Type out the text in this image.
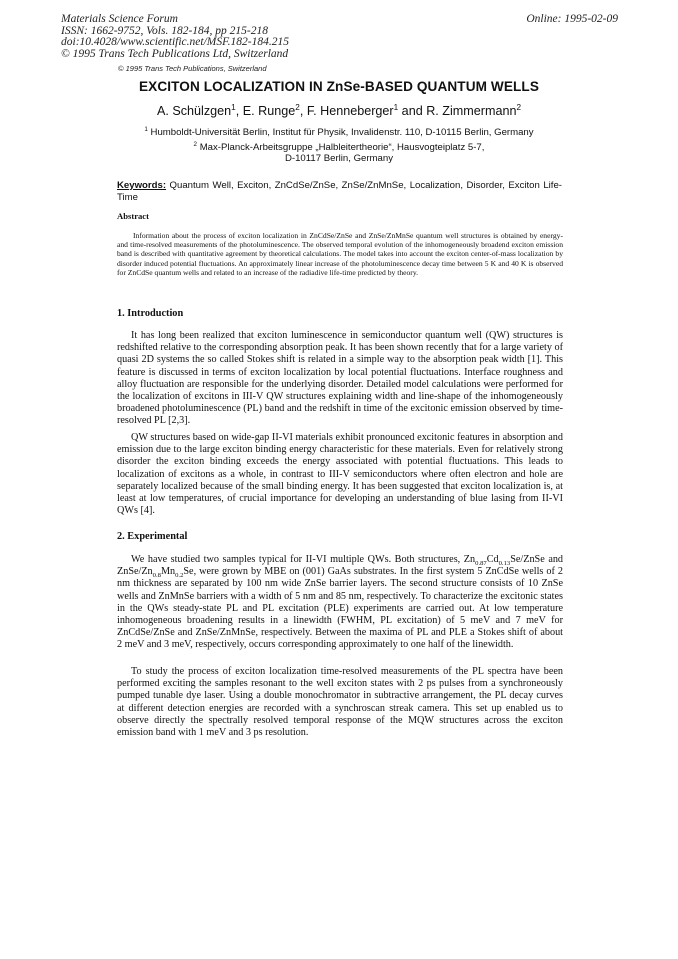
Materials Science Forum
ISSN: 1662-9752, Vols. 182-184, pp 215-218
doi:10.4028/www.scientific.net/MSF.182-184.215
© 1995 Trans Tech Publications Ltd, Switzerland
Online: 1995-02-09
© 1995 Trans Tech Publications, Switzerland
EXCITON LOCALIZATION IN ZnSe-BASED QUANTUM WELLS
A. Schülzgen$^1$, E. Runge$^2$, F. Henneberger$^1$ and R. Zimmermann$^2$
$^1$ Humboldt-Universität Berlin, Institut für Physik, Invalidenstr. 110, D-10115 Berlin, Germany
$^2$ Max-Planck-Arbeitsgruppe „Halbleitertheorie“, Hausvogteiplatz 5-7,
D-10117 Berlin, Germany
Keywords: Quantum Well, Exciton, ZnCdSe/ZnSe, ZnSe/ZnMnSe, Localization, Disorder, Exciton Life-Time
Abstract

Information about the process of exciton localization in ZnCdSe/ZnSe and ZnSe/ZnMnSe quantum well structures is obtained by energy- and time-resolved measurements of the photoluminescence. The observed temporal evolution of the inhomogeneously broadend exciton emission band is described with quantitative agreement by theoretical calculations. The model takes into account the exciton center-of-mass localization by disorder induced potential fluctuations. An approximately linear increase of the photoluminescence decay time between 5 K and 40 K is observed for ZnCdSe quantum wells and related to an increase of the radiadive life-time predicted by theory.

1. Introduction

It has long been realized that exciton luminescence in semiconductor quantum well (QW) structures is redshifted relative to the corresponding absorption peak. It has been shown recently that for a large variety of quasi 2D systems the so called Stokes shift is related in a simple way to the absorption peak width [1]. This feature is discussed in terms of exciton localization by local potential fluctuations. Interface roughness and alloy fluctuation are responsible for the underlying disorder. Detailed model calculations were performed for the localization of excitons in III-V QW structures explaining width and line-shape of the inhomogeneously broadened photoluminescence (PL) band and the redshift in time of the excitonic emission observed by time-resolved PL [2,3].

QW structures based on wide-gap II-VI materials exhibit pronounced excitonic features in absorption and emission due to the large exciton binding energy characteristic for these materials. Even for relatively strong disorder the exciton binding exceeds the energy associated with potential fluctuations. This leads to localization of excitons as a whole, in contrast to III-V semiconductors where often electron and hole are separately localized because of the small binding energy. It has been suggested that exciton localization is, at least at low temperatures, of crucial importance for developing an understanding of blue lasing from II-VI QWs [4].

2. Experimental

We have studied two samples typical for II-VI multiple QWs. Both structures, $Zn_{0.87}Cd_{0.13}Se$/ZnSe and ZnSe/$Zn_{0.8}Mn_{0.2}Se$, were grown by MBE on (001) GaAs substrates. In the first system 5 ZnCdSe wells of 2 nm thickness are separated by 100 nm wide ZnSe barrier layers. The second structure consists of 10 ZnSe wells and ZnMnSe barriers with a width of 5 nm and 85 nm, respectively. To characterize the excitonic states in the QWs steady-state PL and PL excitation (PLE) experiments are carried out. At low temperature inhomogeneous broadening results in a linewidth (FWHM, PL excitation) of 5 meV and 7 meV for ZnCdSe/ZnSe and ZnSe/ZnMnSe, respectively. Between the maxima of PL and PLE a Stokes shift of about 2 meV and 3 meV, respectively, occurs corresponding approximately to one half of the linewidth.

To study the process of exciton localization time-resolved measurements of the PL spectra have been performed exciting the samples resonant to the well exciton states with 2 ps pulses from a synchroneously pumped tunable dye laser. Using a double monochromator in subtractive arrangement, the PL decay curves at different detection energies are recorded with a synchroscan streak camera. This set up enabled us to observe directly the spectrally resolved temporal response of the MQW structures across the exciton emission band with 1 meV and 3 ps resolution.
